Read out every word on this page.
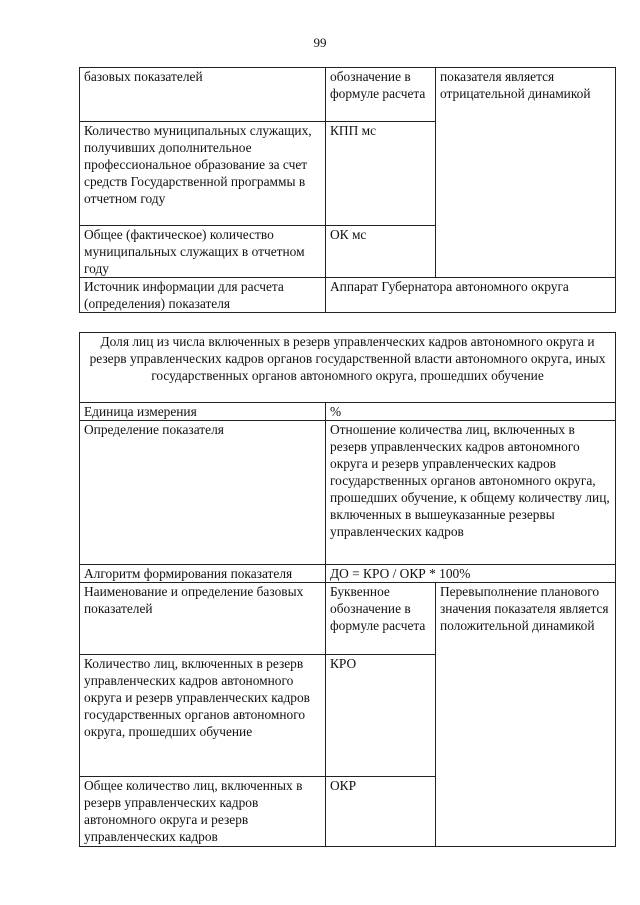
99
базовых показателей	обозначение в формуле расчета	показателя является отрицательной динамикой
Количество муниципальных служащих, получивших дополнительное профессиональное образование за счет средств Государственной программы в отчетном году	КПП мс	
Общее (фактическое) количество муниципальных служащих в отчетном году	ОК мс	
Источник информации для расчета (определения) показателя	Аппарат Губернатора автономного округа	
Доля лиц из числа включенных в резерв управленческих кадров автономного округа и резерв управленческих кадров органов государственной власти автономного округа, иных государственных органов автономного округа, прошедших обучение		
Единица измерения	%	
Определение показателя	Отношение количества лиц, включенных в резерв управленческих кадров автономного округа и резерв управленческих кадров государственных органов автономного округа, прошедших обучение, к общему количеству лиц, включенных в вышеуказанные резервы управленческих кадров	
Алгоритм формирования показателя	ДО = КРО / ОКР * 100%	
Наименование и определение базовых показателей	Буквенное обозначение в формуле расчета	Перевыполнение планового значения показателя является положительной динамикой
Количество лиц, включенных в резерв управленческих кадров автономного округа и резерв управленческих кадров государственных органов автономного округа, прошедших обучение	КРО	
Общее количество лиц, включенных в резерв управленческих кадров автономного округа и резерв управленческих кадров	ОКР	
